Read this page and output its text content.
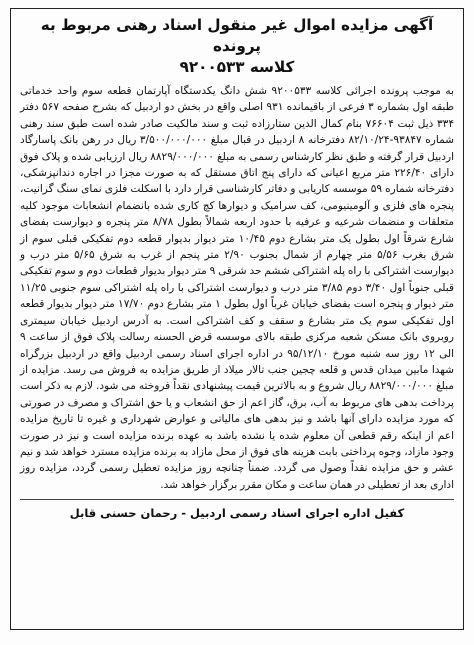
آگهی مزایده اموال غیر منقول اسناد رهنی مربوط به پرونده
کلاسه ۹۲۰۰۵۳۳

به موجب پرونده اجرائی کلاسه ۹۲۰۰۵۳۳ شش دانگ یکدستگاه آپارتمان قطعه سوم واحد خدماتی طبقه اول بشماره ۳ فرعی از باقیمانده ۹۳۱ اصلی واقع در بخش دو اردبیل که بشرح صفحه ۵۶۷ دفتر ۳۳۴ ذیل ثبت ۷۶۶۰۴ بنام کمال الدین ستارزاده ثبت و سند مالکیت صادر شده است طبق سند رهنی شماره ۹۳۸۴۷-۸۲/۱۰/۲۴ دفترخانه ۸ اردبیل در قبال مبلغ ۳/۵۰۰/۰۰۰/۰۰۰ ریال در رهن بانک پاسارگاد اردبیل قرار گرفته و طبق نظر کارشناس رسمی به مبلغ ۸۸۲۹/۰۰۰/۰۰۰ ریال ارزیابی شده و پلاک فوق دارای ۲۲۶/۴۰ متر مربع اعیانی که دارای پنج اتاق مستقل که به صورت مجزا در اجاره دندانپزشکی، دفترخانه شماره ۵۹ موسسه کاریابی و دفاتر کارشناسی قرار دارد با اسکلت فلزی نمای سنگ گرانیت، پنجره های فلزی و آلومینیومی، کف سرامیک و دیوارها کچ کاری شده بانضمام انشعابات موجود کلیه متعلقات و منضمات شرعیه و عرفیه با حدود اربعه شمالاً بطول ۸/۷۸ متر پنجره و دیوارست بفضای شارع شرقاً اول بطول یک متر بشارع دوم ۱۰/۴۵ متر دیوار بدیوار قطعه دوم تفکیکی قبلی سوم از شرق بغرب ۵/۵۶ متر چهارم از شمال بجنوب ۲/۹۰ متر پنجم از غرب به شرق ۵/۶۵ متر درب و دیوارست اشتراکی با راه پله اشتراکی ششم حد شرقی ۹ متر دیوار بدیوار قطعات دوم و سوم تفکیکی قبلی جنوباً اول ۳/۴۰ دوم ۳/۸۵ متر درب و دیوارست اشتراکی با راه پله اشتراکی سوم جنوبی ۱۱/۲۵ متر دیوار و پنجره است بفضای خیابان غرباً اول بطول ۱ متر بشارع دوم ۱۷/۷۰ متر دیوار بدیوار قطعه اول تفکیکی سوم یک متر بشارع و سقف و کف اشتراکی است. به آدرس اردبیل خیابان سیمتری روبروی بانک مسکن شعبه مرکزی طبقه بالای موسسه قرض الحسنه رسالت پلاک فوق از ساعت ۹ الی ۱۲ روز سه شنبه مورخ ۹۵/۱۲/۱۰ در اداره اجرای اسناد رسمی اردبیل واقع در اردبیل بزرگراه شهدا مابین میدان قدس و قلعه چجین جنب تالار میلاد از طریق مزایده به فروش می رسد. مزایده از مبلغ ۸۸۲۹/۰۰۰/۰۰۰ ریال شروع و به بالاترین قیمت پیشنهادی نقداً فروخته می شود. لازم به ذکر است پرداخت بدهی های مربوط به آب، برق، گاز اعم از حق انشعاب و یا حق اشتراک و مصرف در صورتی که مورد مزایده دارای آنها باشد و نیز بدهی های مالیاتی و عوارض شهرداری و غیره تا تاریخ مزایده اعم از اینکه رقم قطعی آن معلوم شده یا نشده باشد به عهده برنده مزایده است و نیز در صورت وجود مازاد، وجوه پرداختی بابت هزینه های فوق از محل مازاد به برنده مزایده مسترد خواهد شد و نیم عشر و حق مزایده نقداً وصول می گردد. ضمناً چنانچه روز مزایده تعطیل رسمی گردد، مزایده روز اداری بعد از تعطیلی در همان ساعت و مکان مقرر برگزار خواهد شد.

کفیل اداره اجرای اسناد رسمی اردبیل - رحمان حسنی قابل
